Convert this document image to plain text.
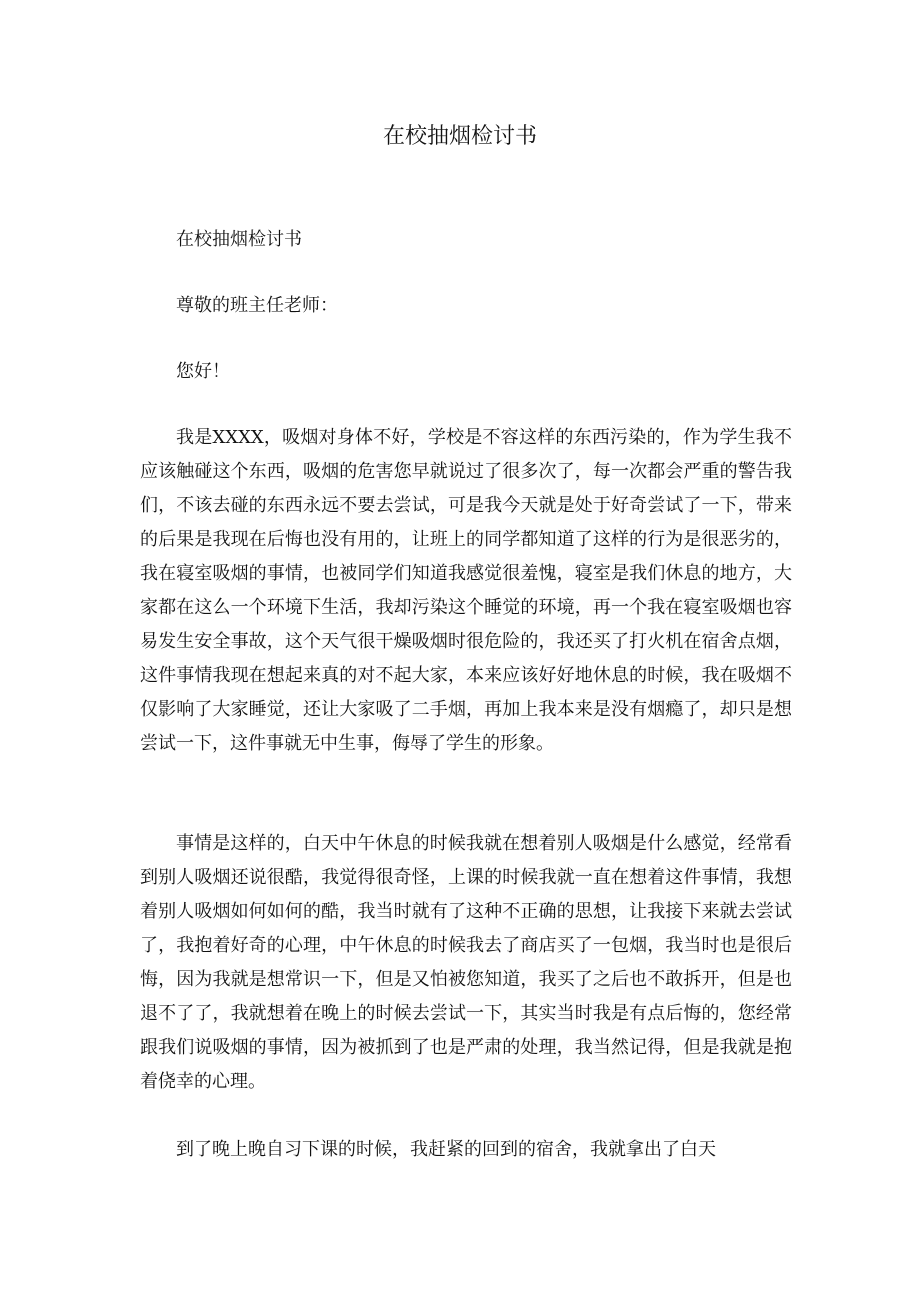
在校抽烟检讨书

在校抽烟检讨书

尊敬的班主任老师：

您好！

我是XXXX，吸烟对身体不好，学校是不容这样的东西污染的，作为学生我不应该触碰这个东西，吸烟的危害您早就说过了很多次了，每一次都会严重的警告我们，不该去碰的东西永远不要去尝试，可是我今天就是处于好奇尝试了一下，带来的后果是我现在后悔也没有用的，让班上的同学都知道了这样的行为是很恶劣的，我在寝室吸烟的事情，也被同学们知道我感觉很羞愧，寝室是我们休息的地方，大家都在这么一个环境下生活，我却污染这个睡觉的环境，再一个我在寝室吸烟也容易发生安全事故，这个天气很干燥吸烟时很危险的，我还买了打火机在宿舍点烟，这件事情我现在想起来真的对不起大家，本来应该好好地休息的时候，我在吸烟不仅影响了大家睡觉，还让大家吸了二手烟，再加上我本来是没有烟瘾了，却只是想尝试一下，这件事就无中生事，侮辱了学生的形象。

事情是这样的，白天中午休息的时候我就在想着别人吸烟是什么感觉，经常看到别人吸烟还说很酷，我觉得很奇怪，上课的时候我就一直在想着这件事情，我想着别人吸烟如何如何的酷，我当时就有了这种不正确的思想，让我接下来就去尝试了，我抱着好奇的心理，中午休息的时候我去了商店买了一包烟，我当时也是很后悔，因为我就是想常识一下，但是又怕被您知道，我买了之后也不敢拆开，但是也退不了了，我就想着在晚上的时候去尝试一下，其实当时我是有点后悔的，您经常跟我们说吸烟的事情，因为被抓到了也是严肃的处理，我当然记得，但是我就是抱着侥幸的心理。

到了晚上晚自习下课的时候，我赶紧的回到的宿舍，我就拿出了白天
